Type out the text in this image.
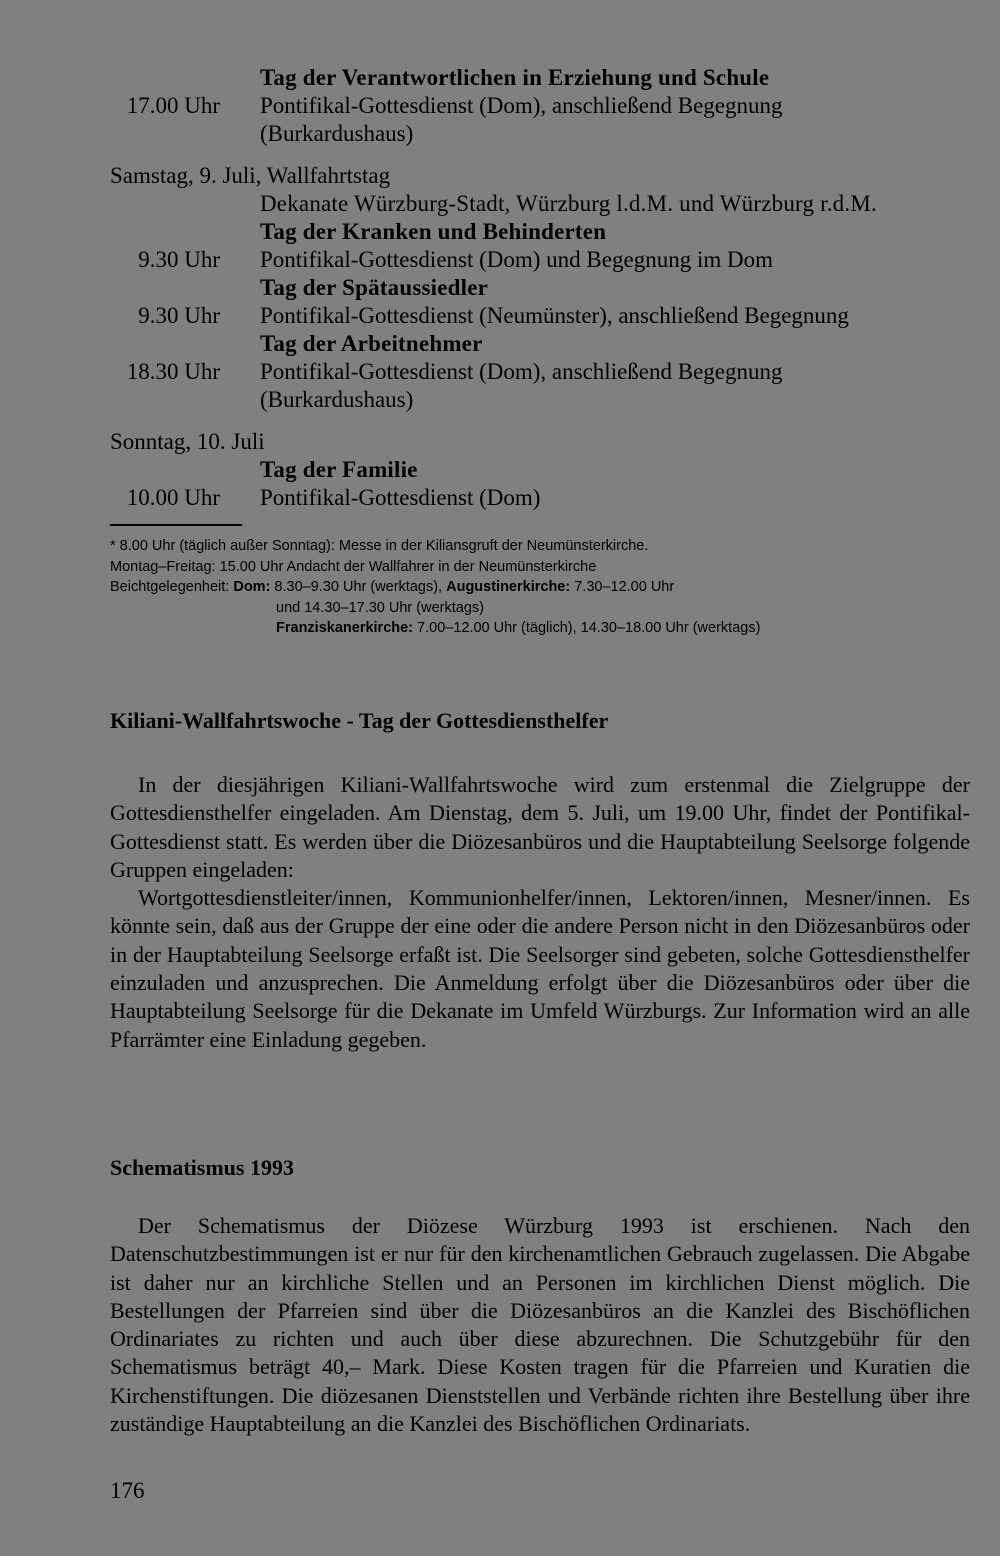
Tag der Verantwortlichen in Erziehung und Schule
17.00 Uhr Pontifikal-Gottesdienst (Dom), anschließend Begegnung
(Burkardushaus)
Samstag, 9. Juli, Wallfahrtstag
Dekanate Würzburg-Stadt, Würzburg l.d.M. und Würzburg r.d.M.
Tag der Kranken und Behinderten
9.30 Uhr Pontifikal-Gottesdienst (Dom) und Begegnung im Dom
Tag der Spätaussiedler
9.30 Uhr Pontifikal-Gottesdienst (Neumünster), anschließend Begegnung
Tag der Arbeitnehmer
18.30 Uhr Pontifikal-Gottesdienst (Dom), anschließend Begegnung
(Burkardushaus)
Sonntag, 10. Juli
Tag der Familie
10.00 Uhr Pontifikal-Gottesdienst (Dom)
* 8.00 Uhr (täglich außer Sonntag): Messe in der Kiliansgruft der Neumünsterkirche.
Montag–Freitag: 15.00 Uhr Andacht der Wallfahrer in der Neumünsterkirche
Beichtgelegenheit: Dom: 8.30–9.30 Uhr (werktags), Augustinerkirche: 7.30–12.00 Uhr
und 14.30–17.30 Uhr (werktags)
Franziskanerkirche: 7.00–12.00 Uhr (täglich), 14.30–18.00 Uhr (werktags)
Kiliani-Wallfahrtswoche - Tag der Gottesdiensthelfer

In der diesjährigen Kiliani-Wallfahrtswoche wird zum erstenmal die Zielgruppe der Gottesdiensthelfer eingeladen. Am Dienstag, dem 5. Juli, um 19.00 Uhr, findet der Pontifikal-Gottesdienst statt. Es werden über die Diözesanbüros und die Hauptabteilung Seelsorge folgende Gruppen eingeladen:

Wortgottesdienstleiter/innen, Kommunionhelfer/innen, Lektoren/innen, Mesner/innen. Es könnte sein, daß aus der Gruppe der eine oder die andere Person nicht in den Diözesanbüros oder in der Hauptabteilung Seelsorge erfaßt ist. Die Seelsorger sind gebeten, solche Gottesdiensthelfer einzuladen und anzusprechen. Die Anmeldung erfolgt über die Diözesanbüros oder über die Hauptabteilung Seelsorge für die Dekanate im Umfeld Würzburgs. Zur Information wird an alle Pfarrämter eine Einladung gegeben.

Schematismus 1993

Der Schematismus der Diözese Würzburg 1993 ist erschienen. Nach den Datenschutzbestimmungen ist er nur für den kirchenamtlichen Gebrauch zugelassen. Die Abgabe ist daher nur an kirchliche Stellen und an Personen im kirchlichen Dienst möglich. Die Bestellungen der Pfarreien sind über die Diözesanbüros an die Kanzlei des Bischöflichen Ordinariates zu richten und auch über diese abzurechnen. Die Schutzgebühr für den Schematismus beträgt 40,– Mark. Diese Kosten tragen für die Pfarreien und Kuratien die Kirchenstiftungen. Die diözesanen Dienststellen und Verbände richten ihre Bestellung über ihre zuständige Hauptabteilung an die Kanzlei des Bischöflichen Ordinariats.

176
